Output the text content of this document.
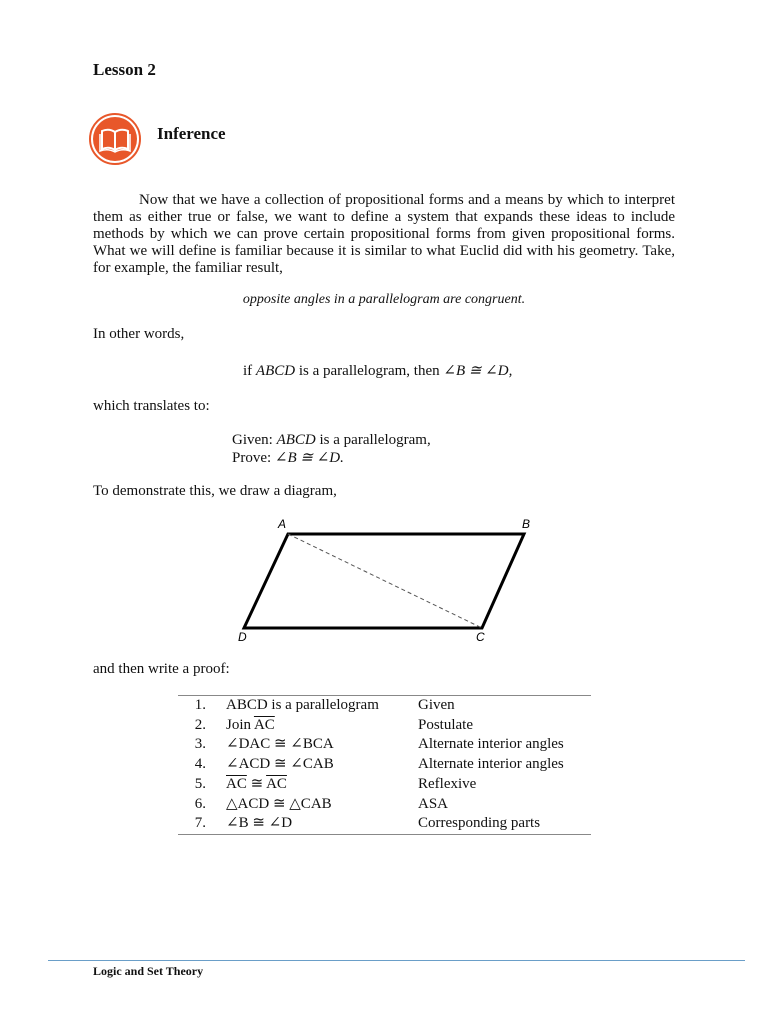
Lesson 2
Inference
Now that we have a collection of propositional forms and a means by which to interpret them as either true or false, we want to define a system that expands these ideas to include methods by which we can prove certain propositional forms from given propositional forms. What we will define is familiar because it is similar to what Euclid did with his geometry. Take, for example, the familiar result,
opposite angles in a parallelogram are congruent.
In other words,
if ABCD is a parallelogram, then ∠B ≅ ∠D,
which translates to:
Given: ABCD is a parallelogram,
Prove: ∠B ≅ ∠D.
To demonstrate this, we draw a diagram,
A	B
C
D
and then write a proof:
1.	ABCD is a parallelogram	Given
2.	Join $\overline{AC}$	Postulate
3.	∠DAC ≅ ∠BCA	Alternate interior angles
4.	∠ACD ≅ ∠CAB	Alternate interior angles
5.	$\overline{AC}$ ≅ $\overline{AC}$	Reflexive
6.	△ACD ≅ △CAB	ASA
7.	∠B ≅ ∠D	Corresponding parts
Logic and Set Theory
